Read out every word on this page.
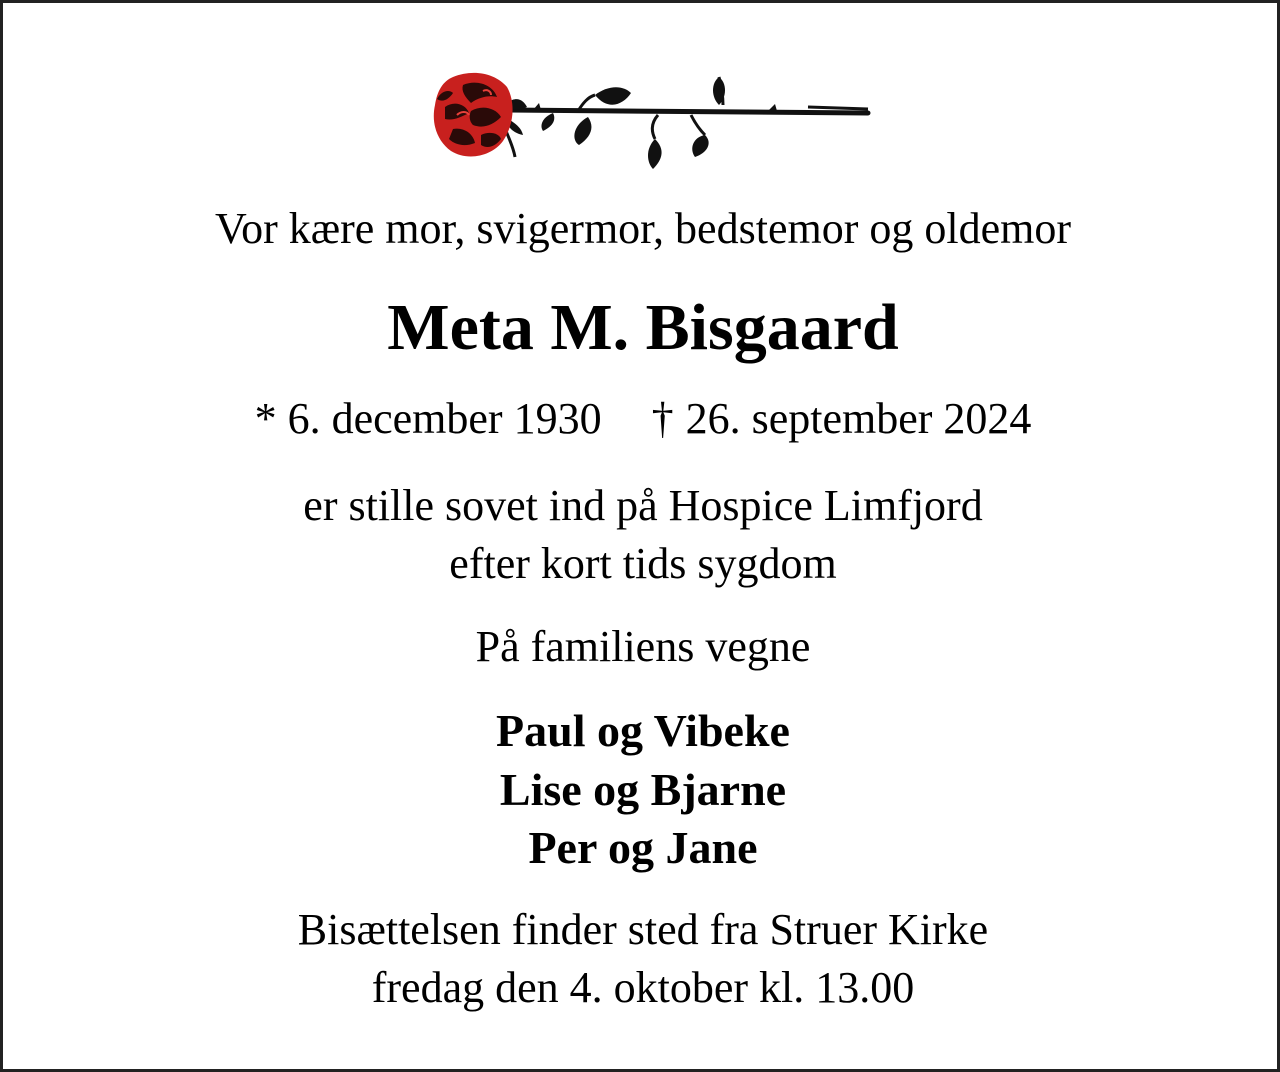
Vor kære mor, svigermor, bedstemor og oldemor
Meta M. Bisgaard
* 6. december 1930 † 26. september 2024
er stille sovet ind på Hospice Limfjord
efter kort tids sygdom
På familiens vegne
Paul og Vibeke
Lise og Bjarne
Per og Jane
Bisættelsen finder sted fra Struer Kirke
fredag den 4. oktober kl. 13.00
